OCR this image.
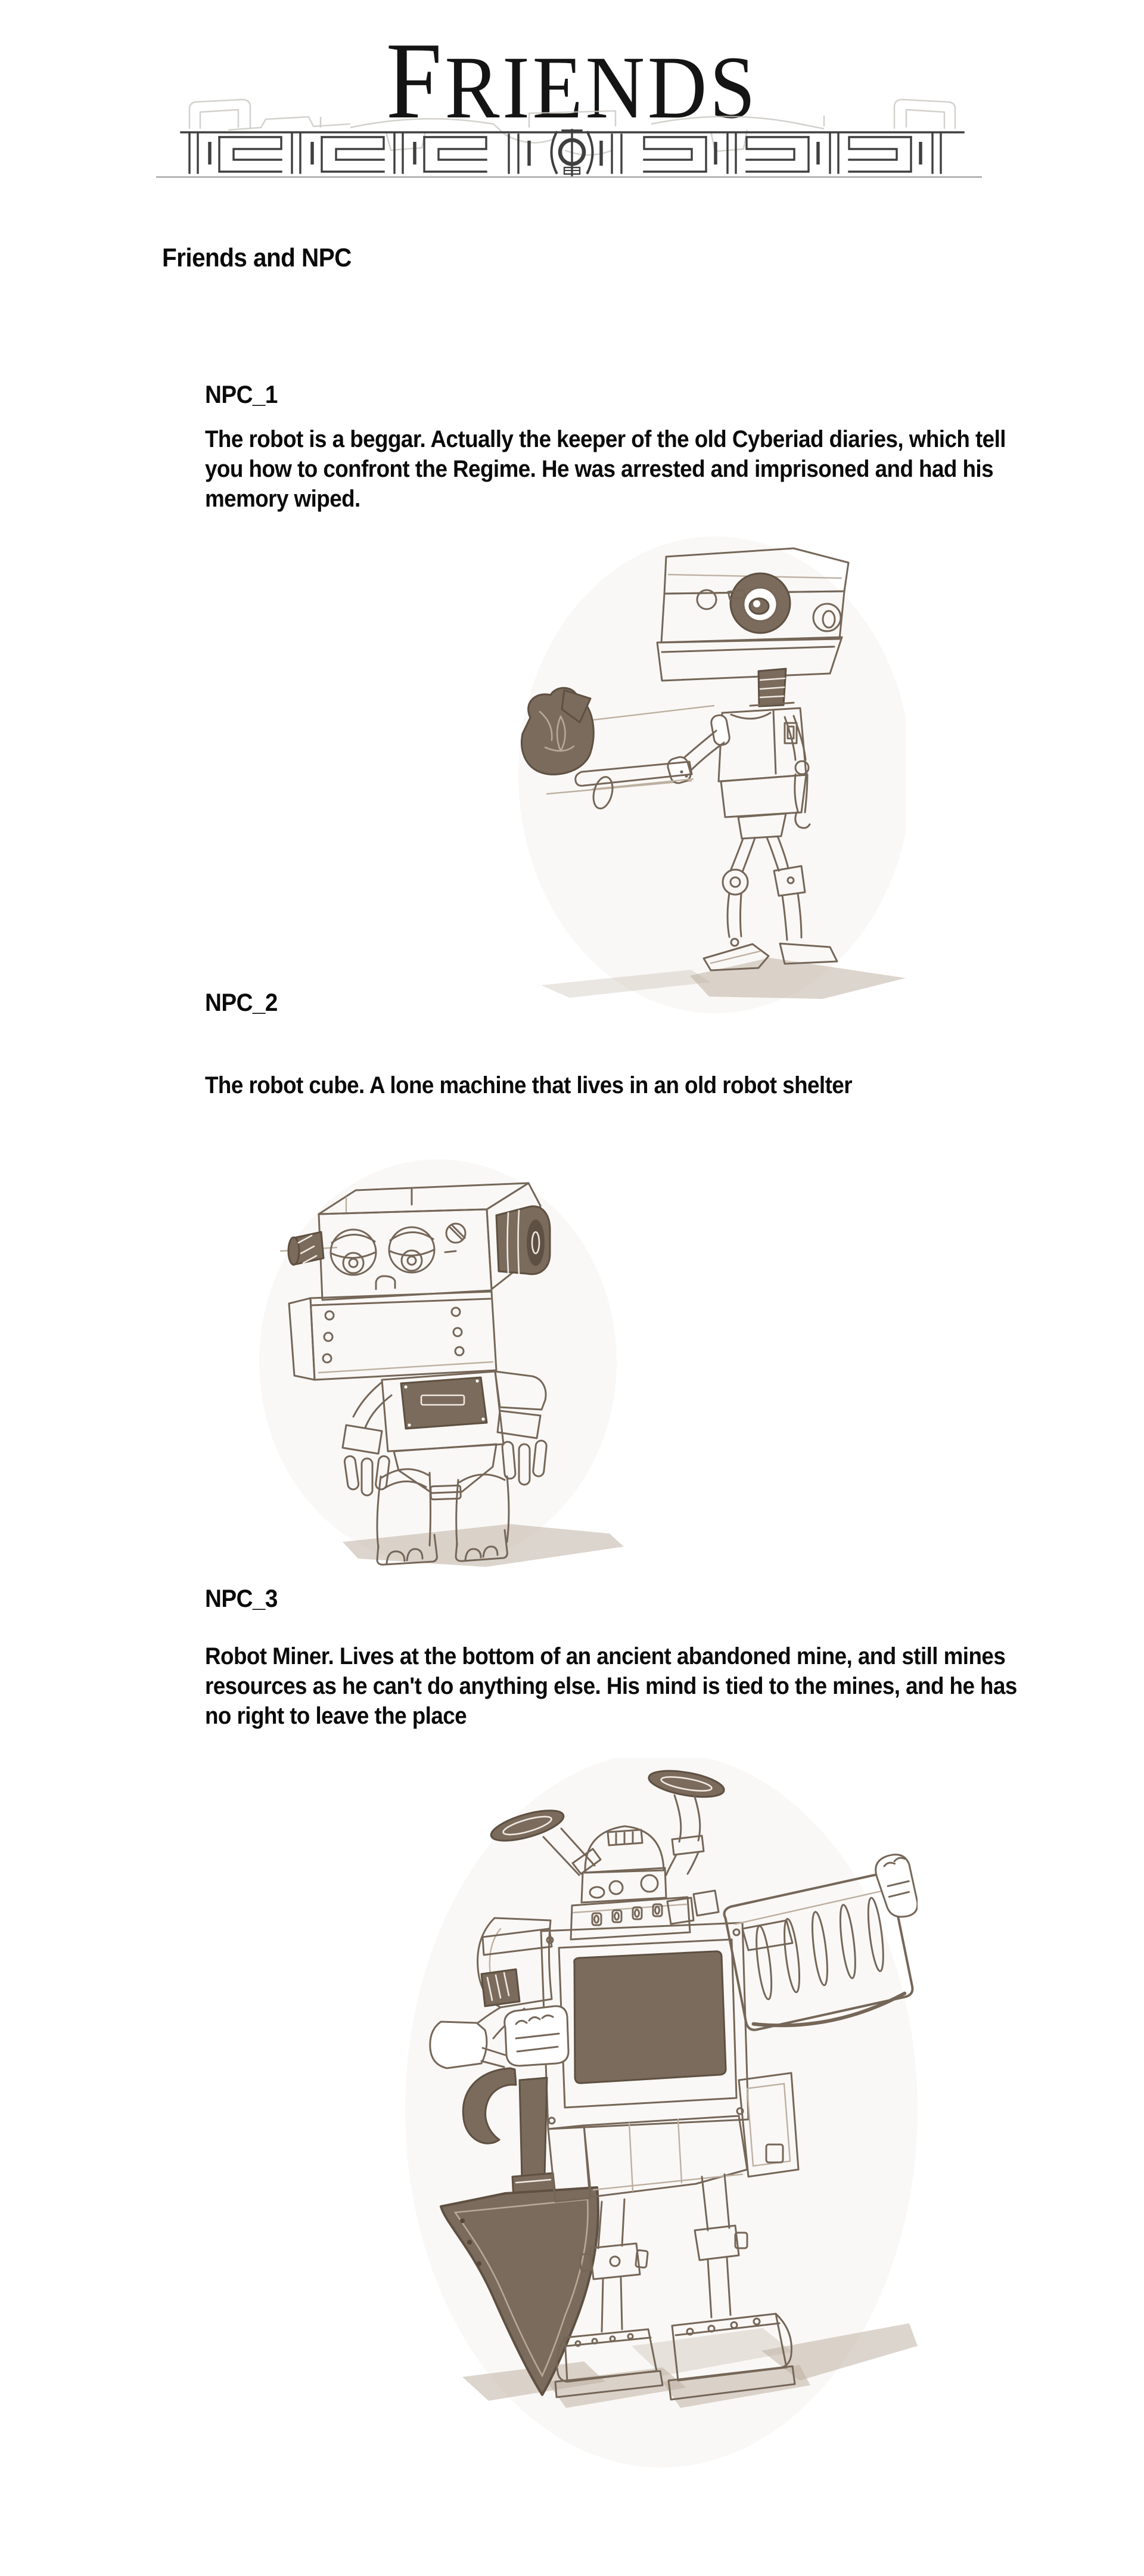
FRIENDS
Friends and NPC
NPC_1
The robot is a beggar. Actually the keeper of the old Cyberiad diaries, which tell you how to confront the Regime. He was arrested and imprisoned and had his memory wiped.
NPC_2
The robot cube. A lone machine that lives in an old robot shelter
NPC_3
Robot Miner. Lives at the bottom of an ancient abandoned mine, and still mines resources as he can't do anything else. His mind is tied to the mines, and he has no right to leave the place
